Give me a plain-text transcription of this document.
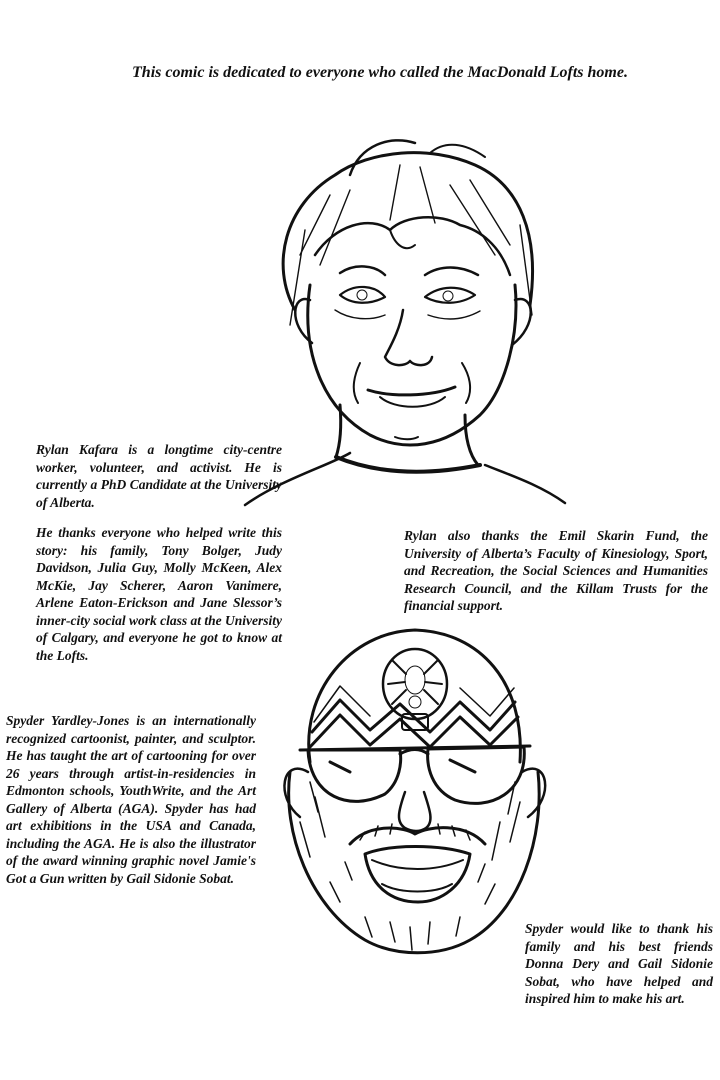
This comic is dedicated to everyone who called the MacDonald Lofts home.

Rylan Kafara is a longtime city-centre worker, volunteer, and activist. He is currently a PhD Candidate at the University of Alberta.

He thanks everyone who helped write this story: his family, Tony Bolger, Judy Davidson, Julia Guy, Molly McKeen, Alex McKie, Jay Scherer, Aaron Vanimere, Arlene Eaton-Erickson and Jane Slessor’s inner-city social work class at the University of Calgary, and everyone he got to know at the Lofts.

Rylan also thanks the Emil Skarin Fund, the University of Alberta’s Faculty of Kinesiology, Sport, and Recreation, the Social Sciences and Humanities Research Council, and the Killam Trusts for the financial support.

Spyder Yardley-Jones is an internationally recognized cartoonist, painter, and sculptor. He has taught the art of cartooning for over 26 years through artist-in-residencies in Edmonton schools, YouthWrite, and the Art Gallery of Alberta (AGA). Spyder has had art exhibitions in the USA and Canada, including the AGA. He is also the illustrator of the award winning graphic novel Jamie's Got a Gun written by Gail Sidonie Sobat.

Spyder would like to thank his family and his best friends Donna Dery and Gail Sidonie Sobat, who have helped and inspired him to make his art.
